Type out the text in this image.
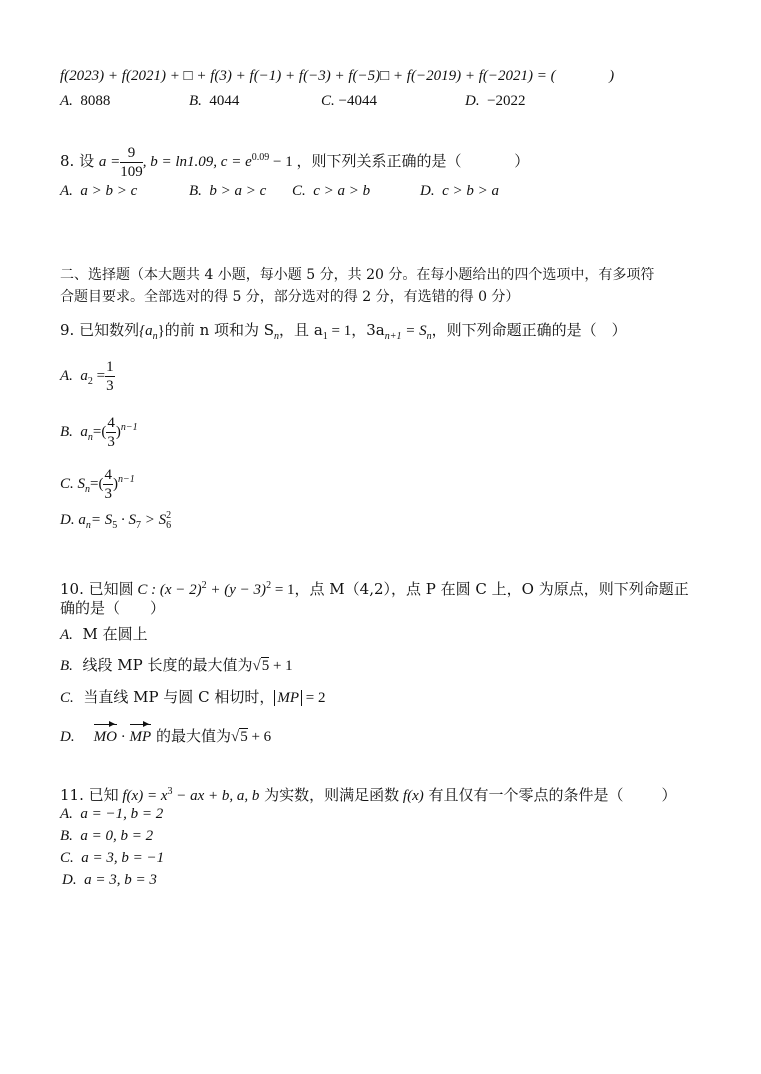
f(2023) + f(2021) + □ + f(3) + f(−1) + f(−3) + f(−5)□ + f(−2019) + f(−2021) = (	)
A. 8088	B. 4044	C. −4044	D. −2022
8. 设 $a = \frac{9}{109}$ , b = ln1.09, $c = e^{0.09} - 1$ ，则下列关系正确的是（	）
A. a > b > c	B. b > a > c C. c > a > b	D. c > b > a
二、选择题（本大题共 4 小题，每小题 5 分，共 20 分。在每小题给出的四个选项中，有多项符
合题目要求。全部选对的得 5 分，部分选对的得 2 分，有选错的得 0 分）
9. 已知数列$\{a_n\}$的前 n 项和为 $S_n$，且 $a_1 = 1$，$3a_{n+1} = S_n$，则下列命题正确的是（　）
A. $a_2 = \frac{1}{3}$
B. $a_n=( \frac{4}{3} )^{n-1}$
C. $S_n=( \frac{4}{3} )^{n-1}$
D. $a_n= S_5 \cdot S_7 > S$ 2
6
10. 已知圆 C : $(x - 2)^2 + (y - 3)^2 = 1$，点 M（4,2），点 P 在圆 C 上，O 为原点，则下列命题正
确的是（　　）
A. M 在圆上
B. 线段 MP 长度的最大值为√5 + 1
C. 当直线 MP 与圆 C 相切时， MP = 2
D. MO · MP 的最大值为√5 + 6
11. 已知 $f(x) = x^3$ − ax + b, a, b 为实数，则满足函数 f(x) 有且仅有一个零点的条件是（	）
A. a = −1, b = 2
B. a = 0, b = 2
C. a = 3, b = −1
D. a = 3, b = 3
